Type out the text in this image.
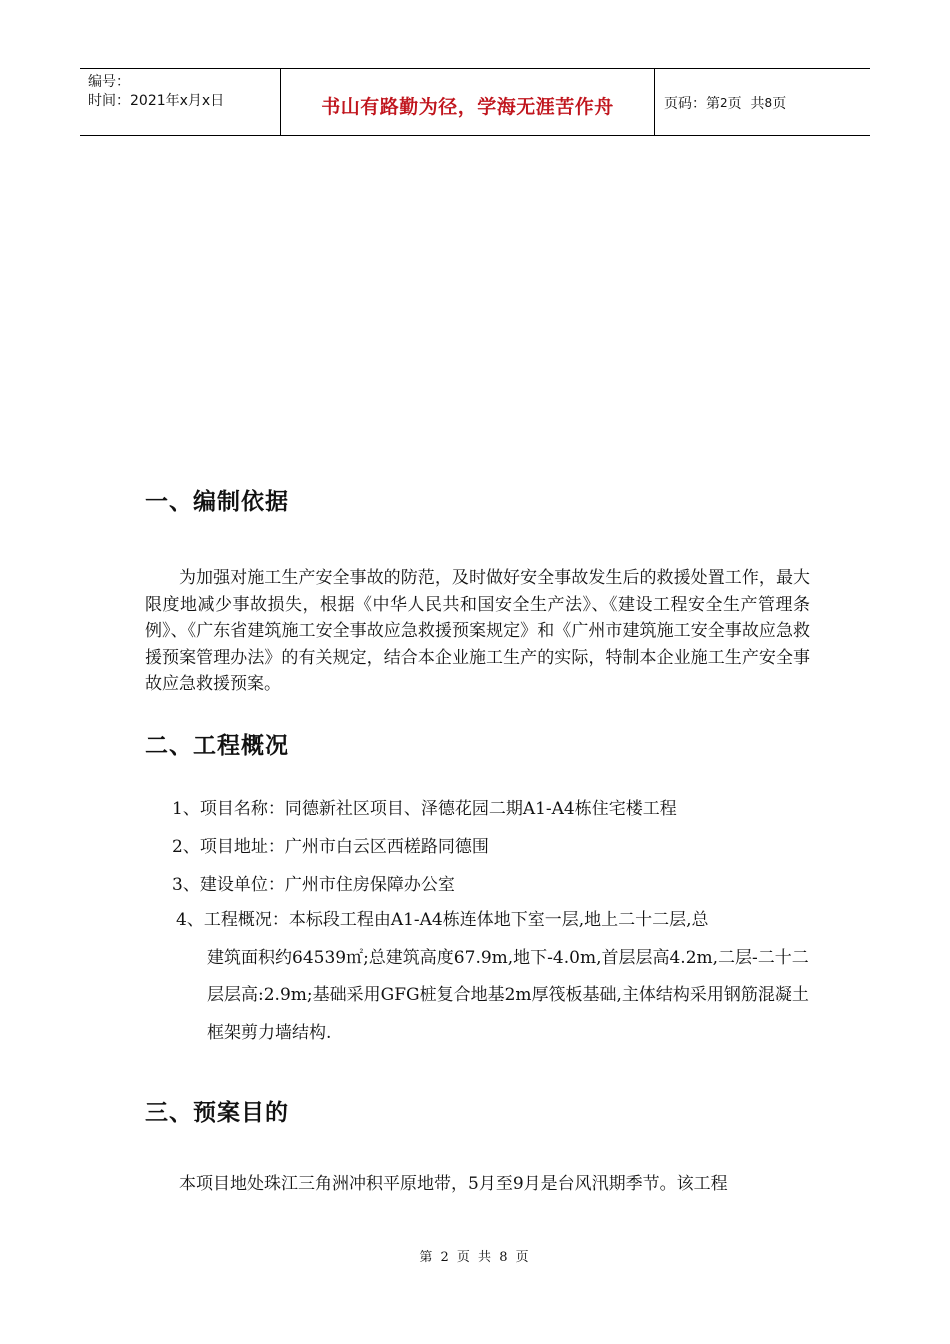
编号：
时间：2021年x月x日	书山有路勤为径，学海无涯苦作舟	页码：第 2 页  共 8 页
一、编制依据
为加强对施工生产安全事故的防范，及时做好安全事故发生后的救援处置工作，最大限度地减少事故损失，根据《中华人民共和国安全生产法》、《建设工程安全生产管理条例》、《广东省建筑施工安全事故应急救援预案规定》和《广州市建筑施工安全事故应急救援预案管理办法》的有关规定，结合本企业施工生产的实际，特制本企业施工生产安全事故应急救援预案。
二、工程概况
1、项目名称：同德新社区项目、泽德花园二期A1-A4栋住宅楼工程
2、项目地址：广州市白云区西槎路同德围
3、建设单位：广州市住房保障办公室
4、工程概况：本标段工程由A1-A4栋连体地下室一层,地上二十二层,总
建筑面积约64539㎡;总建筑高度67.9m,地下-4.0m,首层层高4.2m,二层-二十二层层高:2.9m;基础采用GFG桩复合地基2m厚筏板基础,主体结构采用钢筋混凝土框架剪力墙结构.
三、预案目的
本项目地处珠江三角洲冲积平原地带，5月至9月是台风汛期季节。该工程
第 2 页 共 8 页
